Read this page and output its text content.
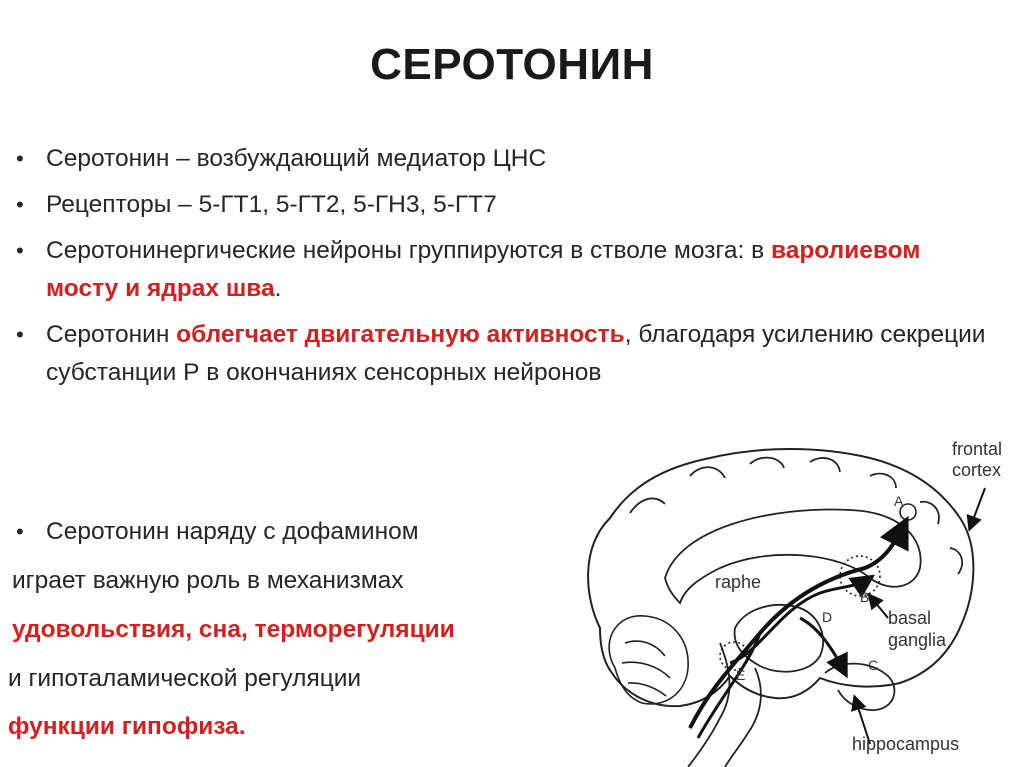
СЕРОТОНИН
• Серотонин – возбуждающий медиатор ЦНС
• Рецепторы – 5-ГТ1, 5-ГТ2, 5-ГН3, 5-ГТ7
• Серотонинергические нейроны группируются в стволе мозга: в варолиевом мосту и ядрах шва.
• Серотонин облегчает двигательную активность, благодаря усилению секреции субстанции Р в окончаниях сенсорных нейронов
• Серотонин наряду с дофамином
играет важную роль в механизмах
удовольствия, сна, терморегуляции
и гипоталамической регуляции
функции гипофиза.
frontal
cortex
raphe
basal
ganglia
hippocampus
A
B
C
D
E
